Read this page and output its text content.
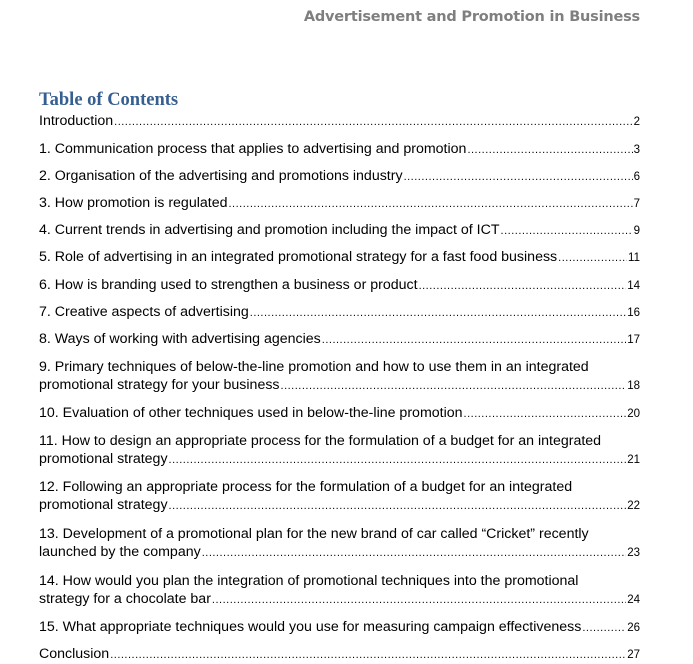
Advertisement and Promotion in Business
Table of Contents
Introduction .....	2
1. Communication process that applies to advertising and promotion .....	3
2. Organisation of the advertising and promotions industry .....	6
3. How promotion is regulated .....	7
4. Current trends in advertising and promotion including the impact of ICT .....	9
5. Role of advertising in an integrated promotional strategy for a fast food business .....	11
6. How is branding used to strengthen a business or product .....	14
7. Creative aspects of advertising .....	16
8. Ways of working with advertising agencies .....	17
9. Primary techniques of below-the-line promotion and how to use them in an integrated
promotional strategy for your business .....	18
10. Evaluation of other techniques used in below-the-line promotion .....	20
11. How to design an appropriate process for the formulation of a budget for an integrated
promotional strategy .....	21
12. Following an appropriate process for the formulation of a budget for an integrated
promotional strategy .....	22
13. Development of a promotional plan for the new brand of car called “Cricket” recently
launched by the company .....	23
14. How would you plan the integration of promotional techniques into the promotional
strategy for a chocolate bar .....	24
15. What appropriate techniques would you use for measuring campaign effectiveness .....	26
Conclusion .....	27
